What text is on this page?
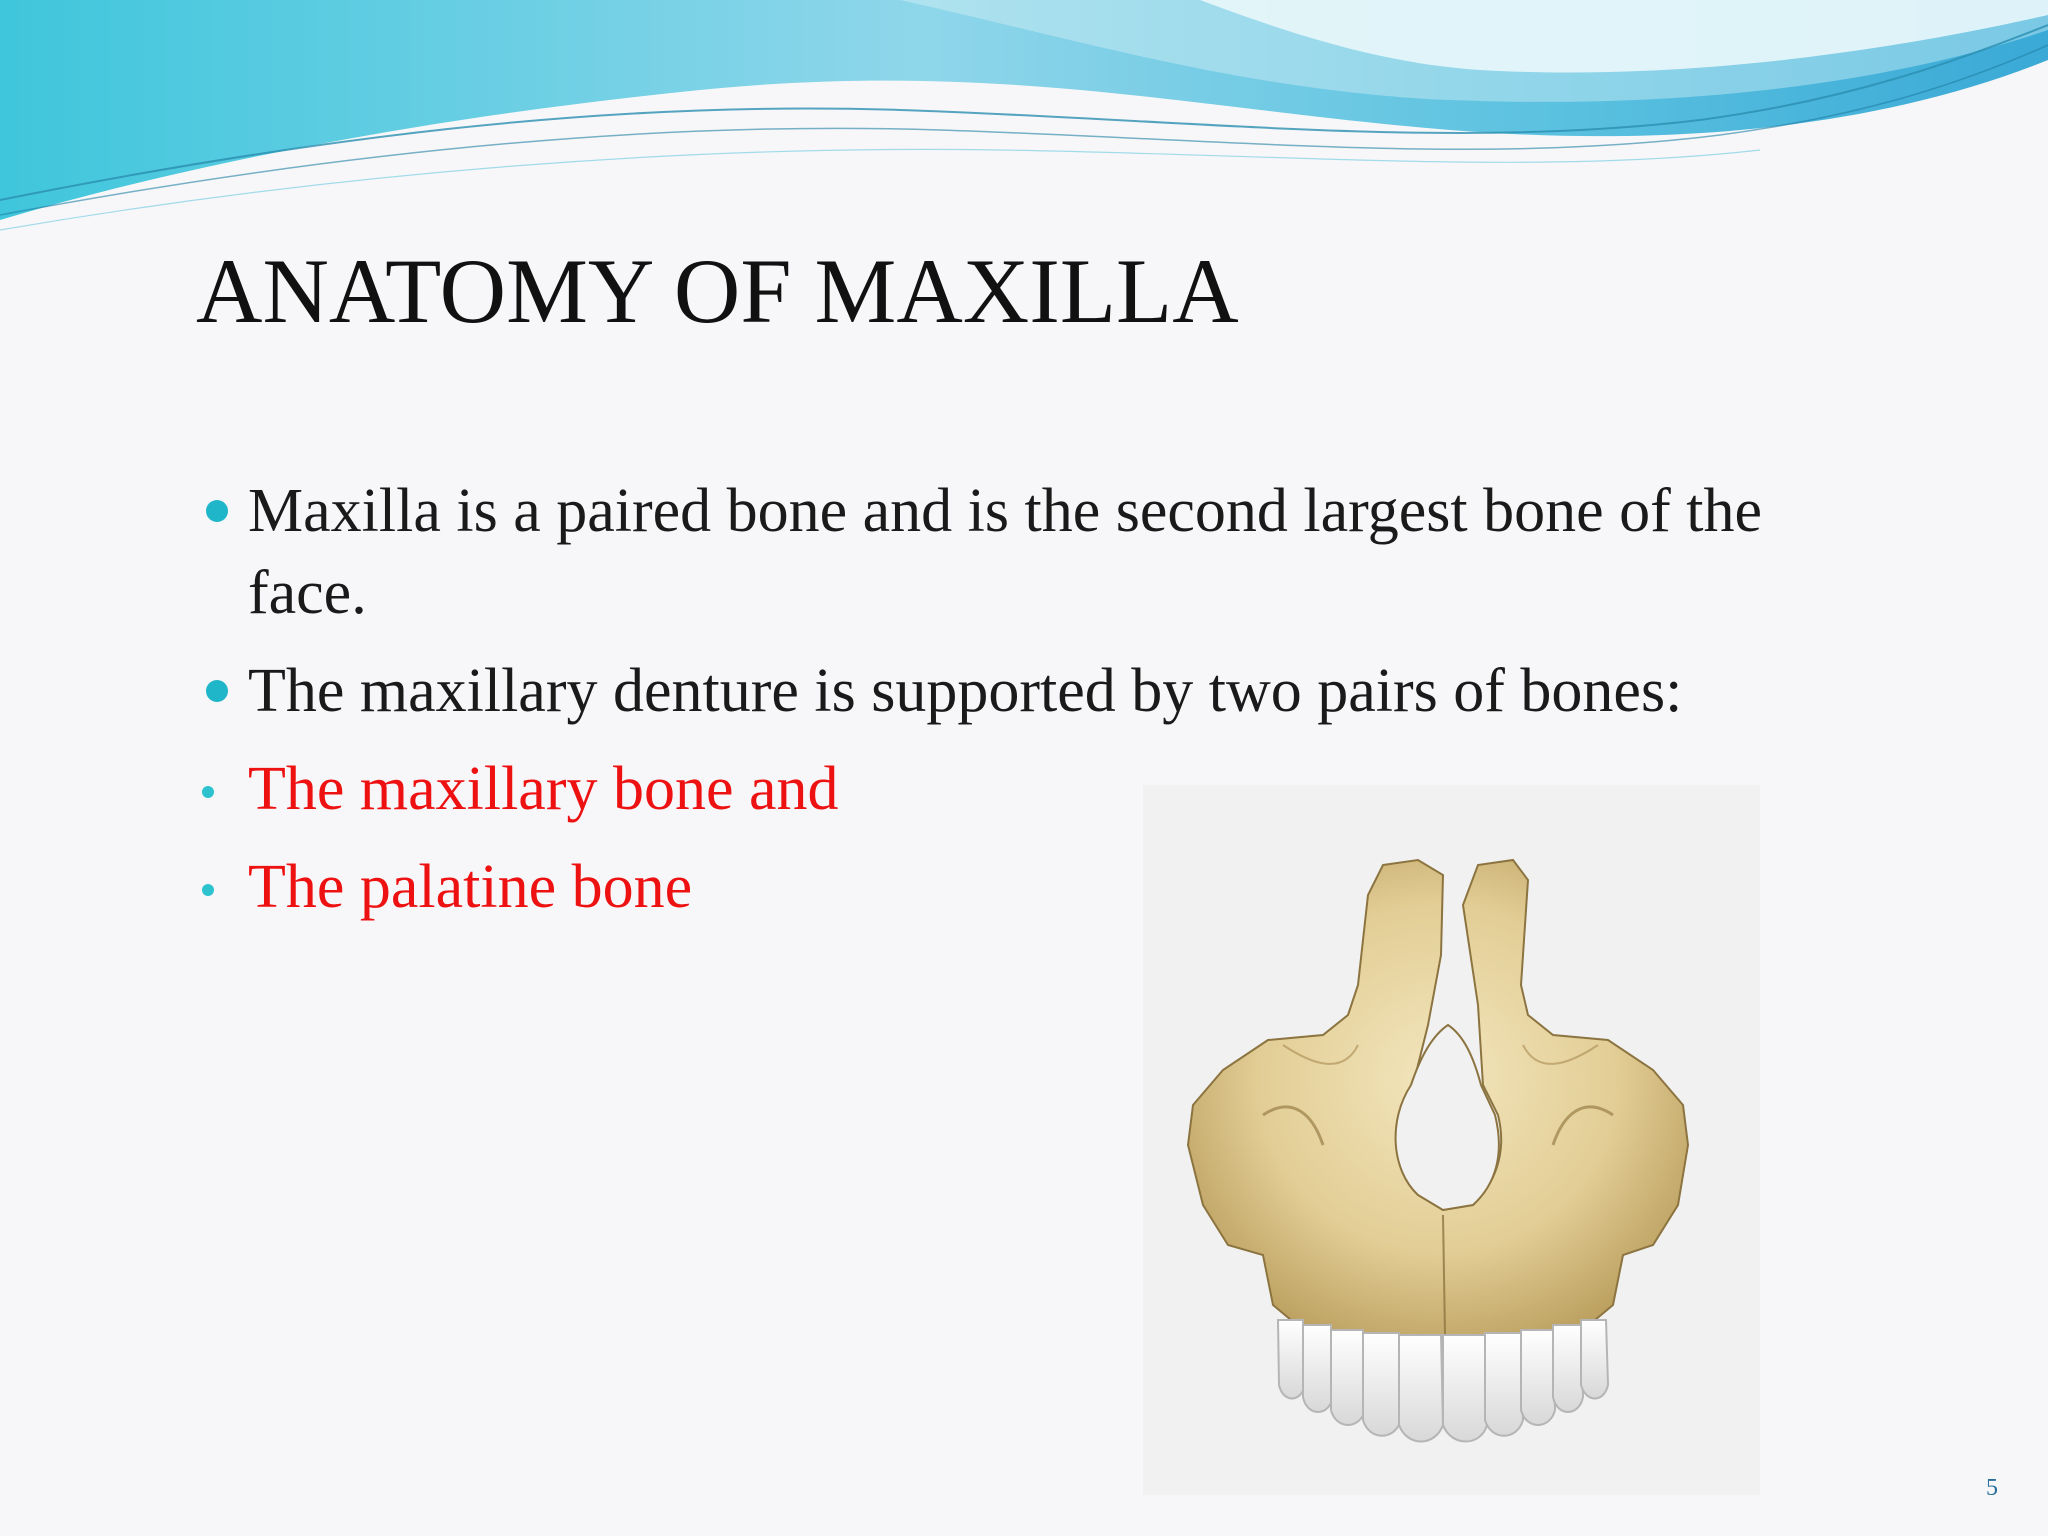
ANATOMY OF MAXILLA
Maxilla is a paired bone and is the second largest bone of the face.
The maxillary denture is supported by two pairs of bones:
The maxillary bone and
The palatine bone
5
